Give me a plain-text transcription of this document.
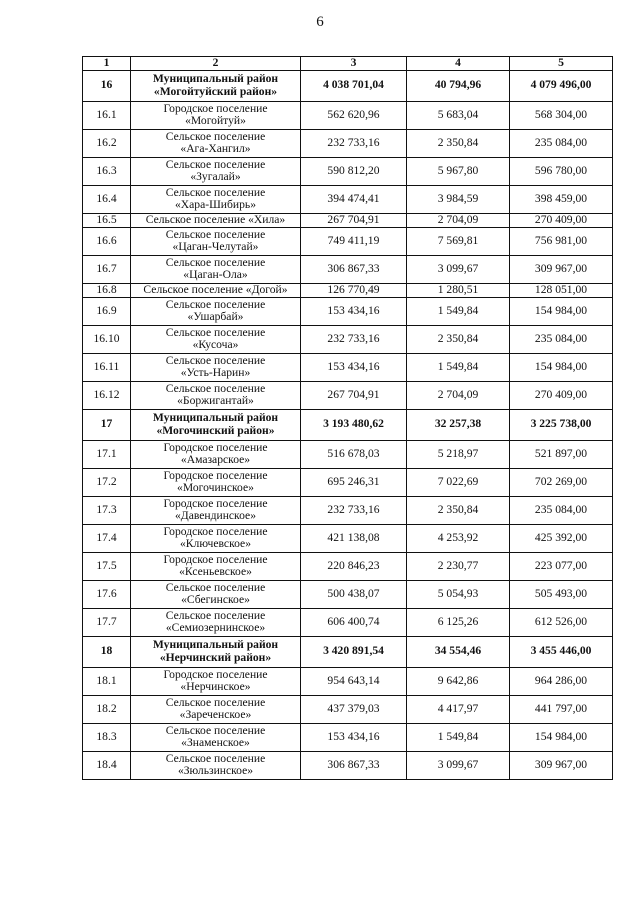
6
1	2	3	4	5
16	Муниципальный район
«Могойтуйский район»	4 038 701,04	40 794,96	4 079 496,00
16.1	Городское поселение
«Могойтуй»	562 620,96	5 683,04	568 304,00
16.2	Сельское поселение
«Ага-Хангил»	232 733,16	2 350,84	235 084,00
16.3	Сельское поселение
«Зугалай»	590 812,20	5 967,80	596 780,00
16.4	Сельское поселение
«Хара-Шибирь»	394 474,41	3 984,59	398 459,00
16.5	Сельское поселение «Хила»	267 704,91	2 704,09	270 409,00
16.6	Сельское поселение
«Цаган-Челутай»	749 411,19	7 569,81	756 981,00
16.7	Сельское поселение
«Цаган-Ола»	306 867,33	3 099,67	309 967,00
16.8	Сельское поселение «Догой»	126 770,49	1 280,51	128 051,00
16.9	Сельское поселение
«Ушарбай»	153 434,16	1 549,84	154 984,00
16.10	Сельское поселение
«Кусоча»	232 733,16	2 350,84	235 084,00
16.11	Сельское поселение
«Усть-Нарин»	153 434,16	1 549,84	154 984,00
16.12	Сельское поселение
«Боржигантай»	267 704,91	2 704,09	270 409,00
17	Муниципальный район
«Могочинский район»	3 193 480,62	32 257,38	3 225 738,00
17.1	Городское поселение
«Амазарское»	516 678,03	5 218,97	521 897,00
17.2	Городское поселение
«Могочинское»	695 246,31	7 022,69	702 269,00
17.3	Городское поселение
«Давендинское»	232 733,16	2 350,84	235 084,00
17.4	Городское поселение
«Ключевское»	421 138,08	4 253,92	425 392,00
17.5	Городское поселение
«Ксеньевское»	220 846,23	2 230,77	223 077,00
17.6	Сельское поселение
«Сбегинское»	500 438,07	5 054,93	505 493,00
17.7	Сельское поселение
«Семиозернинское»	606 400,74	6 125,26	612 526,00
18	Муниципальный район
«Нерчинский район»	3 420 891,54	34 554,46	3 455 446,00
18.1	Городское поселение
«Нерчинское»	954 643,14	9 642,86	964 286,00
18.2	Сельское поселение
«Зареченское»	437 379,03	4 417,97	441 797,00
18.3	Сельское поселение
«Знаменское»	153 434,16	1 549,84	154 984,00
18.4	Сельское поселение
«Зюльзинское»	306 867,33	3 099,67	309 967,00
